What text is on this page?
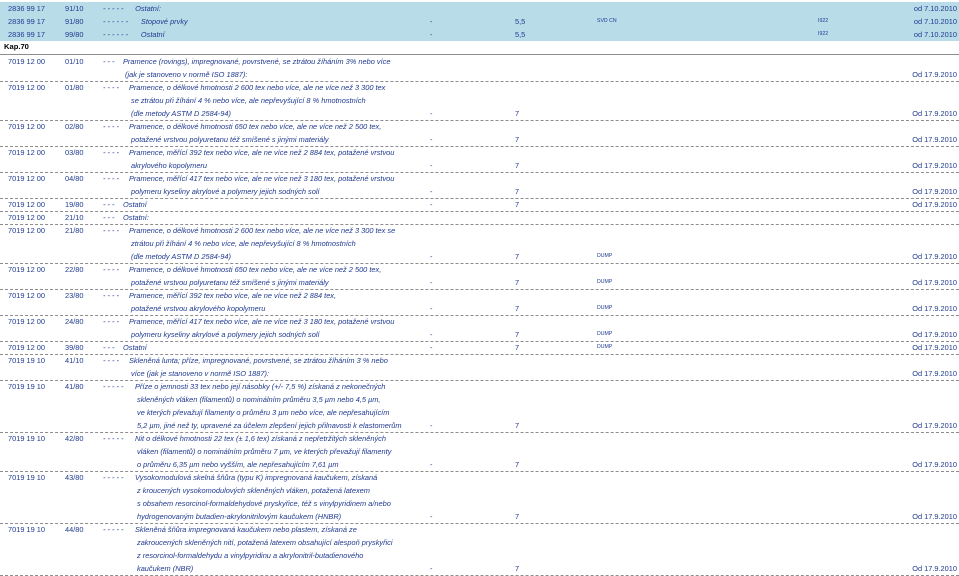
2836 99 17	91/10	- - - - - Ostatní:	od 7.10.2010
2836 99 17	91/80	- - - - - - Stopové prvky	-	5,5	SVD CN	I922	od 7.10.2010
2836 99 17	99/80	- - - - - - Ostatní	-	5,5	I922	od 7.10.2010
7019 12 00	01/10	- - - Pramence (rovings), impregnované, povrstvené, se ztrátou žíháním 3% nebo více
(jak je stanoveno v normě ISO 1887):	Od 17.9.2010
7019 12 00	01/80	- - - - Pramence, o délkové hmotnosti 2 600 tex nebo více, ale ne více než 3 300 tex
se ztrátou při žíhání 4 % nebo více, ale nepřevyšující 8 % hmotnostních
(dle metody ASTM D 2584-94)	-	7	Od 17.9.2010
7019 12 00	02/80	- - - - Pramence, o délkové hmotnosti 650 tex nebo více, ale ne více než 2 500 tex,
potažené vrstvou polyuretanu též smíšené s jinými materiály	-	7	Od 17.9.2010
7019 12 00	03/80	- - - - Pramence, měřící 392 tex nebo více, ale ne více než 2 884 tex, potažené vrstvou
akrylového kopolymeru	-	7	Od 17.9.2010
7019 12 00	04/80	- - - - Pramence, měřící 417 tex nebo více, ale ne více než 3 180 tex, potažené vrstvou
polymeru kyseliny akrylové a polymery jejich sodných solí	-	7	Od 17.9.2010
7019 12 00	19/80	- - - Ostatní	-	7	Od 17.9.2010
7019 12 00	21/10	- - - Ostatní:
7019 12 00	21/80	- - - - Pramence, o délkové hmotnosti 2 600 tex nebo více, ale ne více než 3 300 tex se
ztrátou při žíhání 4 % nebo více, ale nepřevyšující 8 % hmotnostních
(dle metody ASTM D 2584-94)	-	7	DUMP	Od 17.9.2010
7019 12 00	22/80	- - - - Pramence, o délkové hmotnosti 650 tex nebo více, ale ne více než 2 500 tex,
potažené vrstvou polyuretanu též smíšené s jinými materiály	-	7	DUMP	Od 17.9.2010
7019 12 00	23/80	- - - - Pramence, měřící 392 tex nebo více, ale ne více než 2 884 tex,
potažené vrstvou akrylového kopolymeru	-	7	DUMP	Od 17.9.2010
7019 12 00	24/80	- - - - Pramence, měřící 417 tex nebo více, ale ne více než 3 180 tex, potažené vrstvou
polymeru kyseliny akrylové a polymery jejich sodných solí	-	7	DUMP	Od 17.9.2010
7019 12 00	39/80	- - - Ostatní	-	7	DUMP	Od 17.9.2010
7019 19 10	41/10	- - - - Skleněná lunta; příze, impregnované, povrstvené, se ztrátou žíháním 3 % nebo
více (jak je stanoveno v normě ISO 1887):	Od 17.9.2010
7019 19 10	41/80	- - - - - Příze o jemnosti 33 tex nebo její násobky (+/- 7,5 %) získaná z nekonečných
skleněných vláken (filamentů) o nominálním průměru 3,5 µm nebo 4,5 µm,
ve kterých převažují filamenty o průměru 3 µm nebo více, ale nepřesahujícím
5,2 µm, jiné než ty, upravené za účelem zlepšení jejich přilnavosti k elastomerům	-	7	Od 17.9.2010
7019 19 10	42/80	- - - - - Nit o délkové hmotnosti 22 tex (± 1,6 tex) získaná z nepřetržitých skleněných
vláken (filamentů) o nominálním průměru 7 µm, ve kterých převažují filamenty
o průměru 6,35 µm nebo vyšším, ale nepřesahujícím 7,61 µm	-	7	Od 17.9.2010
7019 19 10	43/80	- - - - - Vysokomodulová skelná šňůra (typu K) impregnovaná kaučukem, získaná
z kroucených vysokomodulových skleněných vláken, potažená latexem
s obsahem resorcinol-formaldehydové pryskyřice, též s vinylpyridinem a/nebo
hydrogenovaným butadien-akrylonitrilovým kaučukem (HNBR)	-	7	Od 17.9.2010
7019 19 10	44/80	- - - - - Skleněná šňůra impregnovaná kaučukem nebo plastem, získaná ze
zakroucených skleněných nití, potažená latexem obsahující alespoň pryskyřici
z resorcinol-formaldehydu a vinylpyridinu a akrylonitril-butadienového
kaučukem (NBR)	-	7	Od 17.9.2010
Kap.70
